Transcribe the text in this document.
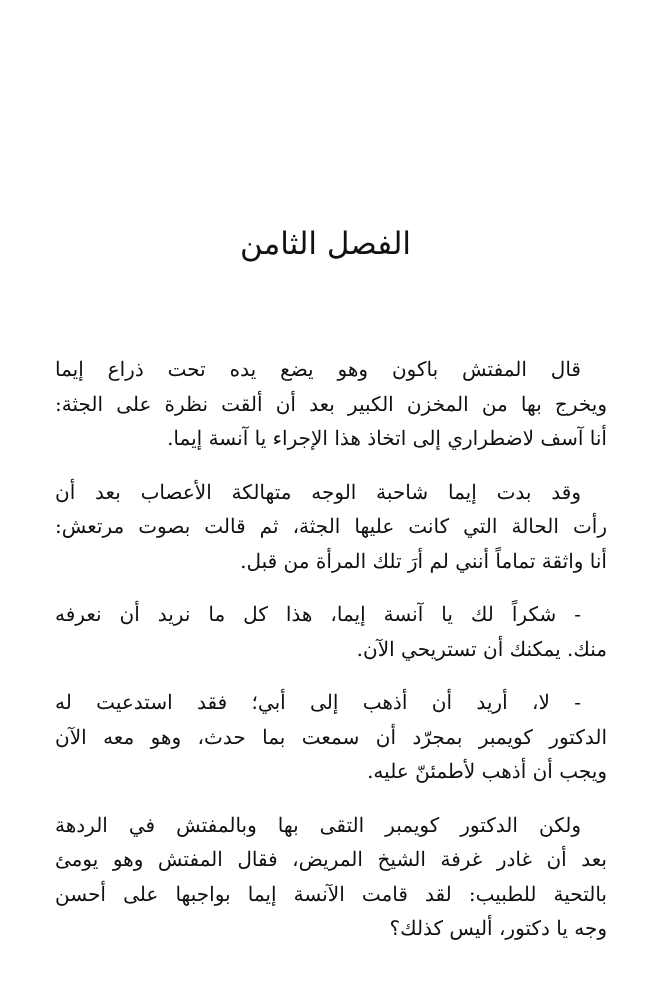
الفصل الثامن

قال المفتش باكون وهو يضع يده تحت ذراع إيما
ويخرج بها من المخزن الكبير بعد أن ألقت نظرة على الجثة:
أنا آسف لاضطراري إلى اتخاذ هذا الإجراء يا آنسة إيما.

وقد بدت إيما شاحبة الوجه متهالكة الأعصاب بعد أن
رأت الحالة التي كانت عليها الجثة، ثم قالت بصوت مرتعش:
أنا واثقة تماماً أنني لم أرَ تلك المرأة من قبل.

- شكراً لك يا آنسة إيما، هذا كل ما نريد أن نعرفه
منك. يمكنك أن تستريحي الآن.

- لا، أريد أن أذهب إلى أبي؛ فقد استدعيت له
الدكتور كويمبر بمجرّد أن سمعت بما حدث، وهو معه الآن
ويجب أن أذهب لأطمئنّ عليه.

ولكن الدكتور كويمبر التقى بها وبالمفتش في الردهة
بعد أن غادر غرفة الشيخ المريض، فقال المفتش وهو يومئ
بالتحية للطبيب: لقد قامت الآنسة إيما بواجبها على أحسن
وجه يا دكتور، أليس كذلك؟
